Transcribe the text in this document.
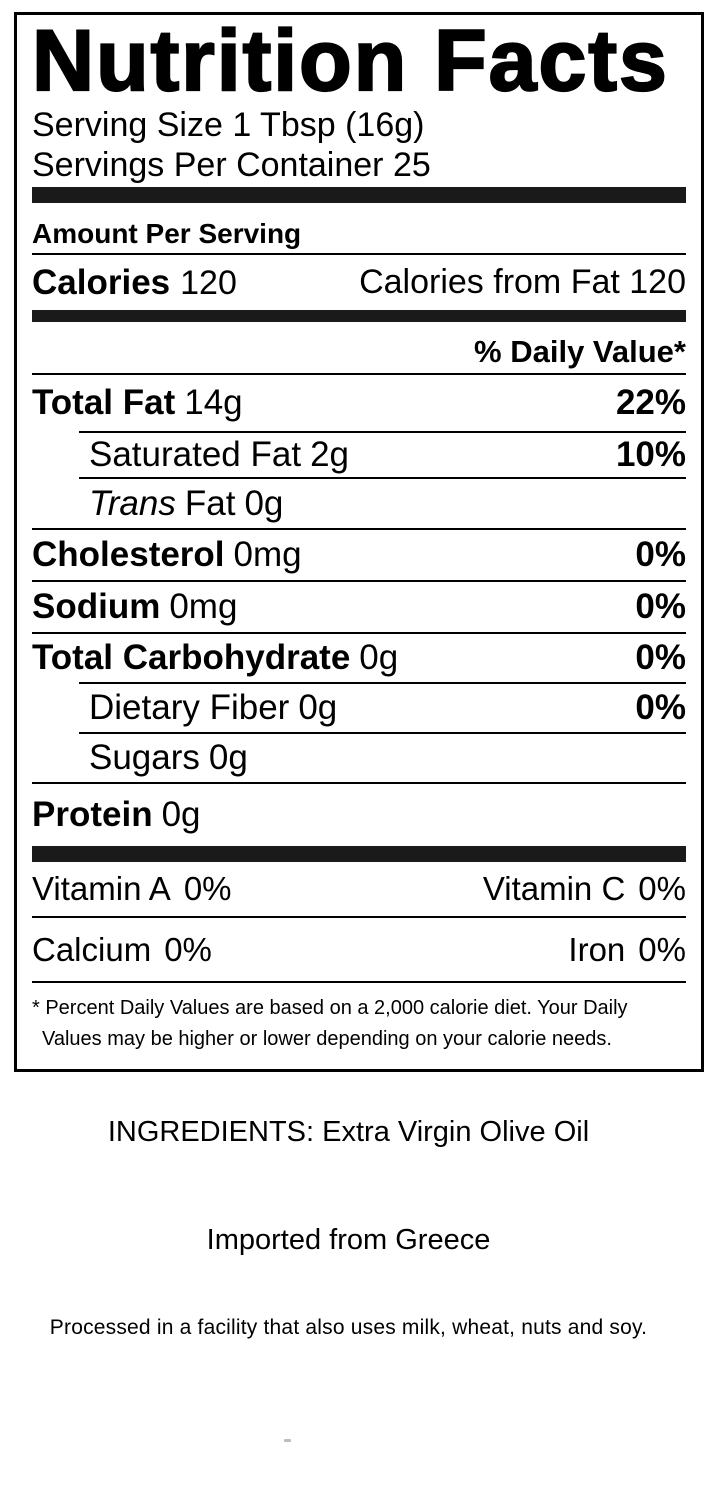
Nutrition Facts
Serving Size 1 Tbsp (16g)
Servings Per Container 25
Amount Per Serving
Calories 120	Calories from Fat 120
% Daily Value*
Total Fat 14g	22%
Saturated Fat 2g	10%
Trans Fat 0g
Cholesterol 0mg	0%
Sodium 0mg	0%
Total Carbohydrate 0g	0%
Dietary Fiber 0g	0%
Sugars 0g
Protein 0g
Vitamin A 0%	Vitamin C 0%
Calcium 0%	Iron 0%
* Percent Daily Values are based on a 2,000 calorie diet. Your Daily
Values may be higher or lower depending on your calorie needs.
INGREDIENTS: Extra Virgin Olive Oil
Imported from Greece
Processed in a facility that also uses milk, wheat, nuts and soy.
